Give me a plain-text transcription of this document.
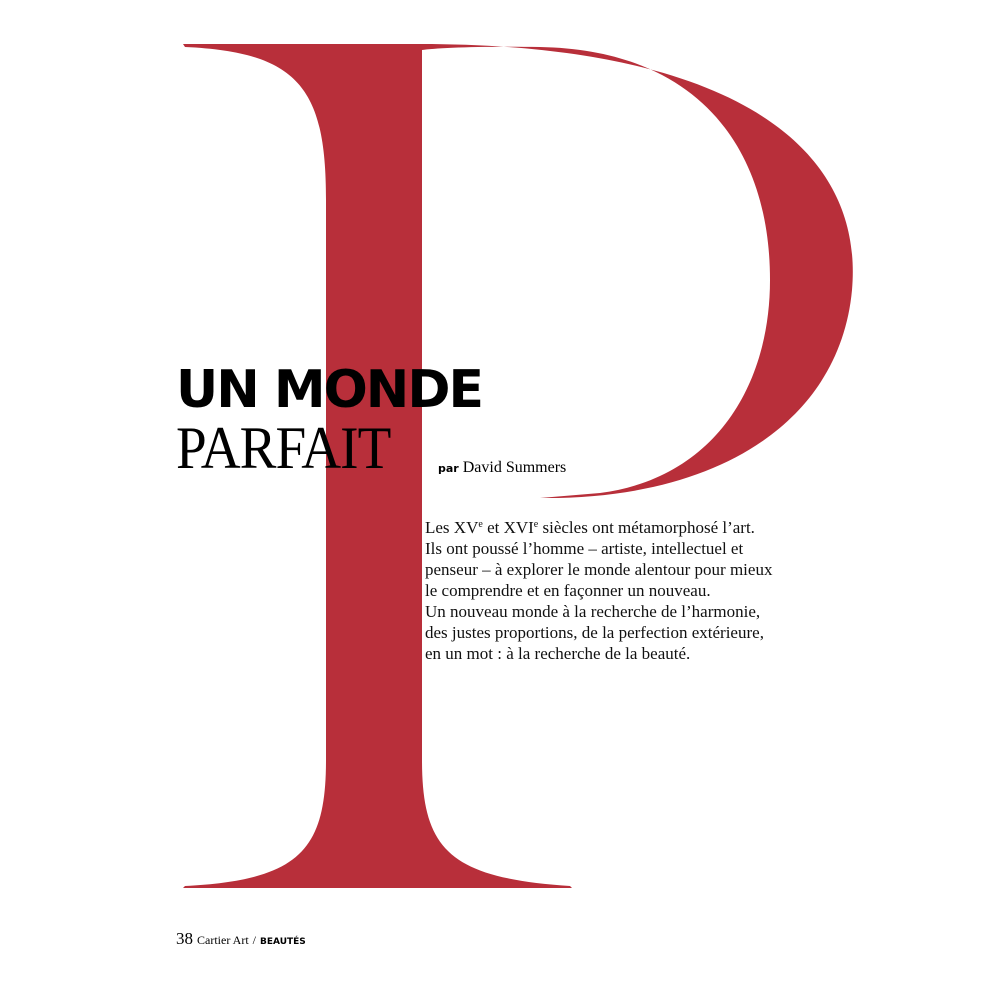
UN MONDE
PARFAIT	par David Summers

Les XVe et XVIe siècles ont métamorphosé l’art.

Ils ont poussé l’homme – artiste, intellectuel et

penseur – à explorer le monde alentour pour mieux

le comprendre et en façonner un nouveau.

Un nouveau monde à la recherche de l’harmonie,

des justes proportions, de la perfection extérieure,

en un mot : à la recherche de la beauté.

38 Cartier Art / BEAUTÉS
